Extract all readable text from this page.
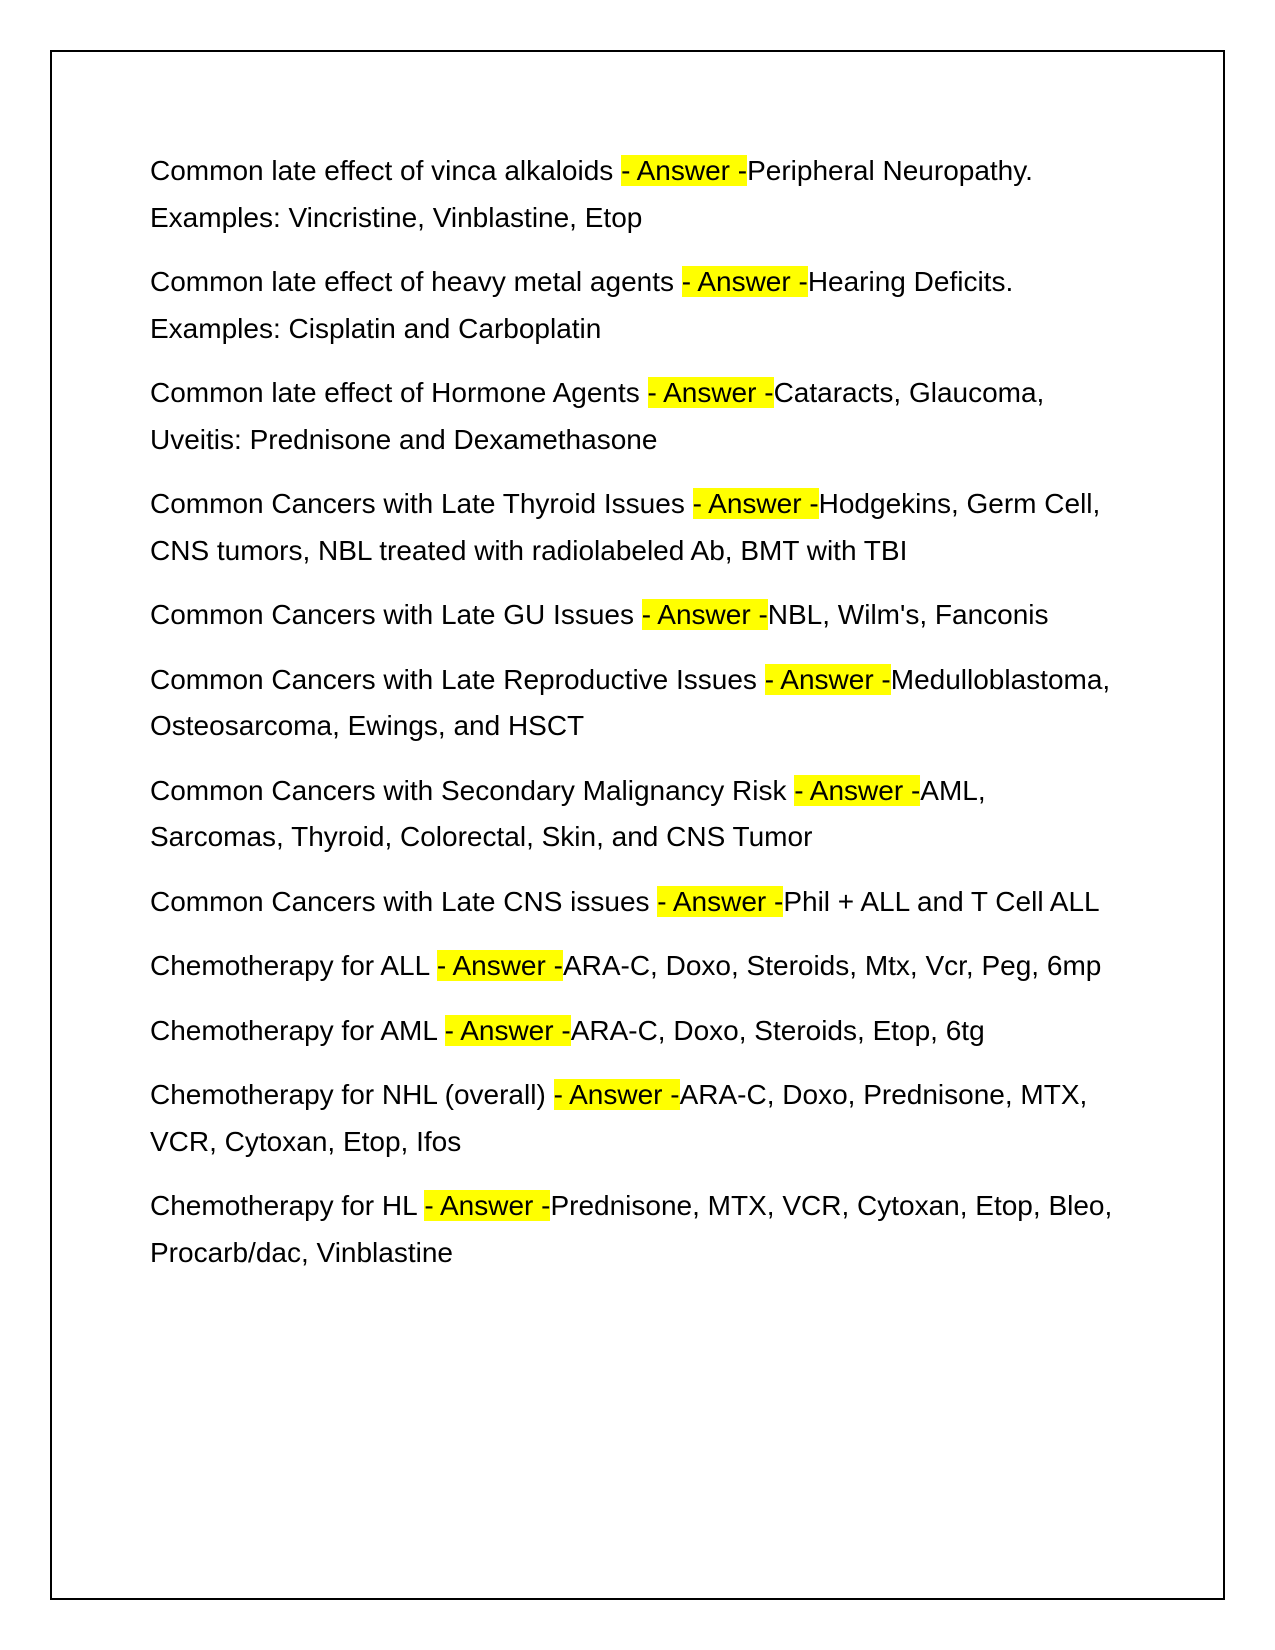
Common late effect of vinca alkaloids - Answer -Peripheral Neuropathy. Examples: Vincristine, Vinblastine, Etop
Common late effect of heavy metal agents - Answer -Hearing Deficits. Examples: Cisplatin and Carboplatin
Common late effect of Hormone Agents - Answer -Cataracts, Glaucoma, Uveitis: Prednisone and Dexamethasone
Common Cancers with Late Thyroid Issues - Answer -Hodgekins, Germ Cell, CNS tumors, NBL treated with radiolabeled Ab, BMT with TBI
Common Cancers with Late GU Issues - Answer -NBL, Wilm's, Fanconis
Common Cancers with Late Reproductive Issues - Answer -Medulloblastoma, Osteosarcoma, Ewings, and HSCT
Common Cancers with Secondary Malignancy Risk - Answer -AML, Sarcomas, Thyroid, Colorectal, Skin, and CNS Tumor
Common Cancers with Late CNS issues - Answer -Phil + ALL and T Cell ALL
Chemotherapy for ALL - Answer -ARA-C, Doxo, Steroids, Mtx, Vcr, Peg, 6mp
Chemotherapy for AML - Answer -ARA-C, Doxo, Steroids, Etop, 6tg
Chemotherapy for NHL (overall) - Answer -ARA-C, Doxo, Prednisone, MTX, VCR, Cytoxan, Etop, Ifos
Chemotherapy for HL - Answer -Prednisone, MTX, VCR, Cytoxan, Etop, Bleo, Procarb/dac, Vinblastine
